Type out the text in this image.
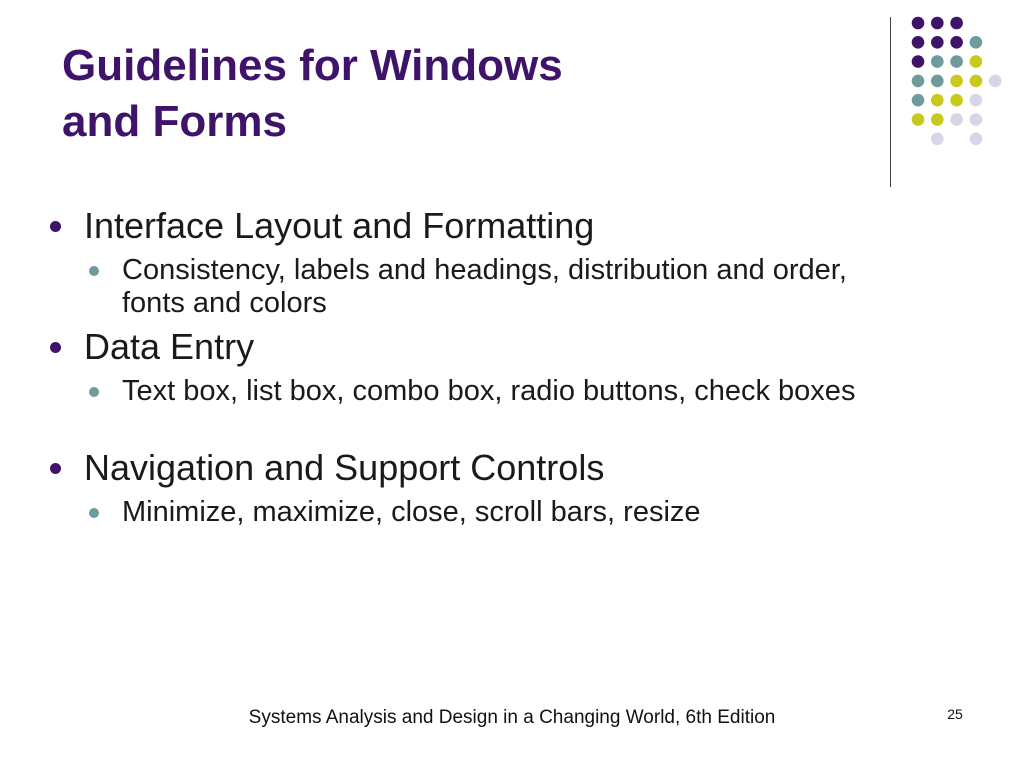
Guidelines for Windows
and Forms
Interface Layout and Formatting
Consistency, labels and headings, distribution and order, fonts and colors
Data Entry
Text box, list box, combo box, radio buttons, check boxes
Navigation and Support Controls
Minimize, maximize, close, scroll bars, resize
Systems Analysis and Design in a Changing World, 6th Edition	25
